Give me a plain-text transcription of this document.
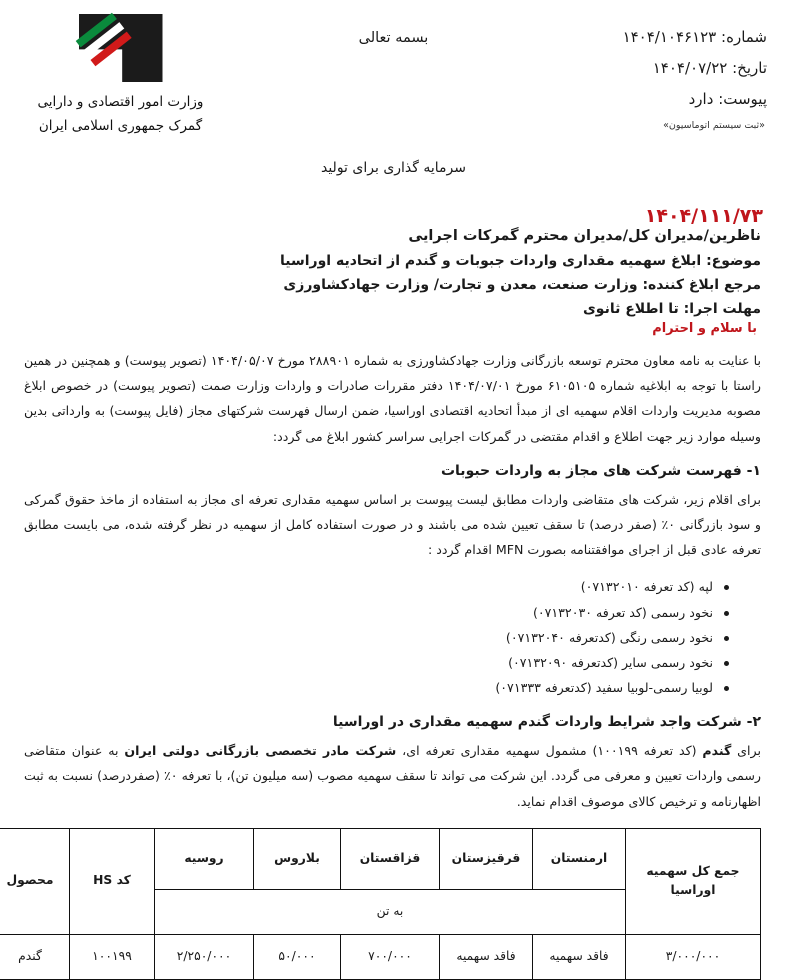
شماره: ۱۴۰۴/۱۰۴۶۱۲۳
تاریخ: ۱۴۰۴/۰۷/۲۲
پیوست: دارد
«ثبت سیستم اتوماسیون»
بسمه تعالی
وزارت امور اقتصادی و دارایی
گمرک جمهوری اسلامی ایران
سرمایه گذاری برای تولید
۱۴۰۴/۱۱۱/۷۳
ناظرین/مدیران کل/مدیران محترم گمرکات اجرایی
موضوع: ابلاغ سهمیه مقداری واردات جبوبات و گندم از اتحادیه اوراسیا
مرجع ابلاغ کننده: وزارت صنعت، معدن و تجارت/ وزارت جهادکشاورزی
مهلت اجرا: تا اطلاع ثانوی
با سلام و احترام

با عنایت به نامه معاون محترم توسعه بازرگانی وزارت جهادکشاورزی به شماره ۲۸۸۹۰۱ مورخ ۱۴۰۴/۰۵/۰۷ (تصویر پیوست) و همچنین در همین راستا با توجه به ابلاغیه شماره ۶۱۰۵۱۰۵ مورخ ۱۴۰۴/۰۷/۰۱ دفتر مقررات صادرات و واردات وزارت صمت (تصویر پیوست) در خصوص ابلاغ مصوبه مدیریت واردات اقلام سهمیه ای از مبدأ اتحادیه اقتصادی اوراسیا، ضمن ارسال فهرست شرکتهای مجاز (فایل پیوست) به وارداتی بدین وسیله موارد زیر جهت اطلاع و اقدام مقتضی در گمرکات اجرایی سراسر کشور ابلاغ می گردد:

۱- فهرست شرکت های مجاز به واردات حبوبات

برای اقلام زیر، شرکت های متقاضی واردات مطابق لیست پیوست بر اساس سهمیه مقداری تعرفه ای مجاز به استفاده از ماخذ حقوق گمرکی و سود بازرگانی ۰٪ (صفر درصد) تا سقف تعیین شده می باشند و در صورت استفاده کامل از سهمیه در نظر گرفته شده، می بایست مطابق تعرفه عادی قبل از اجرای موافقتنامه بصورت MFN اقدام گردد :

لپه (کد تعرفه ۰۷۱۳۲۰۱۰)
نخود رسمی (کد تعرفه ۰۷۱۳۲۰۳۰)
نخود رسمی رنگی (کدتعرفه ۰۷۱۳۲۰۴۰)
نخود رسمی سایر (کدتعرفه ۰۷۱۳۲۰۹۰)
لوبیا رسمی-لوبیا سفید (کدتعرفه ۰۷۱۳۳۳)
۲- شرکت واجد شرایط واردات گندم سهمیه مقداری در اوراسیا

برای گندم (کد تعرفه ۱۰۰۱۹۹) مشمول سهمیه مقداری تعرفه ای، شرکت مادر تخصصی بازرگانی دولتی ایران به عنوان متقاضی رسمی واردات تعیین و معرفی می گردد. این شرکت می تواند تا سقف سهمیه مصوب (سه میلیون تن)، با تعرفه ۰٪ (صفردرصد) نسبت به ثبت اظهارنامه و ترخیص کالای موصوف اقدام نماید.

جمع کل سهمیه اوراسیا	ارمنستان	قرقیزستان	قزاقستان	بلاروس	روسیه	کد HS	محصول
	به تن						
۳/۰۰۰/۰۰۰	فاقد سهمیه	فاقد سهمیه	۷۰۰/۰۰۰	۵۰/۰۰۰	۲/۲۵۰/۰۰۰	۱۰۰۱۹۹	گندم
